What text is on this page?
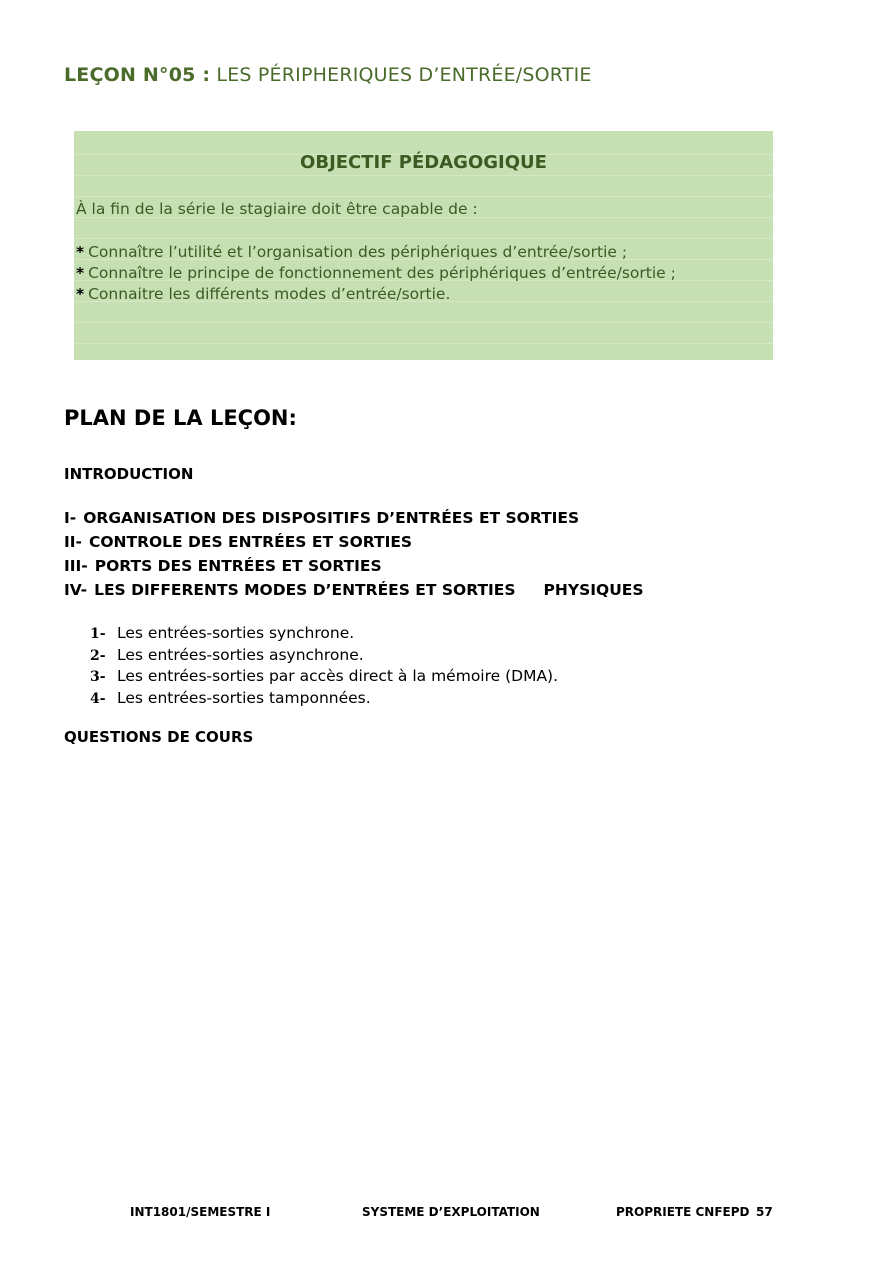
LEÇON N°05 : LES PÉRIPHERIQUES D’ENTRÉE/SORTIE
OBJECTIF PÉDAGOGIQUE
À la fin de la série le stagiaire doit être capable de :
* Connaître l’utilité et l’organisation des périphériques d’entrée/sortie ;
* Connaître le principe de fonctionnement des périphériques d’entrée/sortie ;
* Connaitre les différents modes d’entrée/sortie.
PLAN DE LA LEÇON:
INTRODUCTION
I- ORGANISATION DES DISPOSITIFS D’ENTRÉES ET SORTIES
II- CONTROLE DES ENTRÉES ET SORTIES
III- PORTS DES ENTRÉES ET SORTIES
IV- LES DIFFERENTS MODES D’ENTRÉES ET SORTIES PHYSIQUES
1- Les entrées-sorties synchrone.
2- Les entrées-sorties asynchrone.
3- Les entrées-sorties par accès direct à la mémoire (DMA).
4- Les entrées-sorties tamponnées.
QUESTIONS DE COURS
INT1801/SEMESTRE I	SYSTEME D’EXPLOITATION	PROPRIETE CNFEPD 57
